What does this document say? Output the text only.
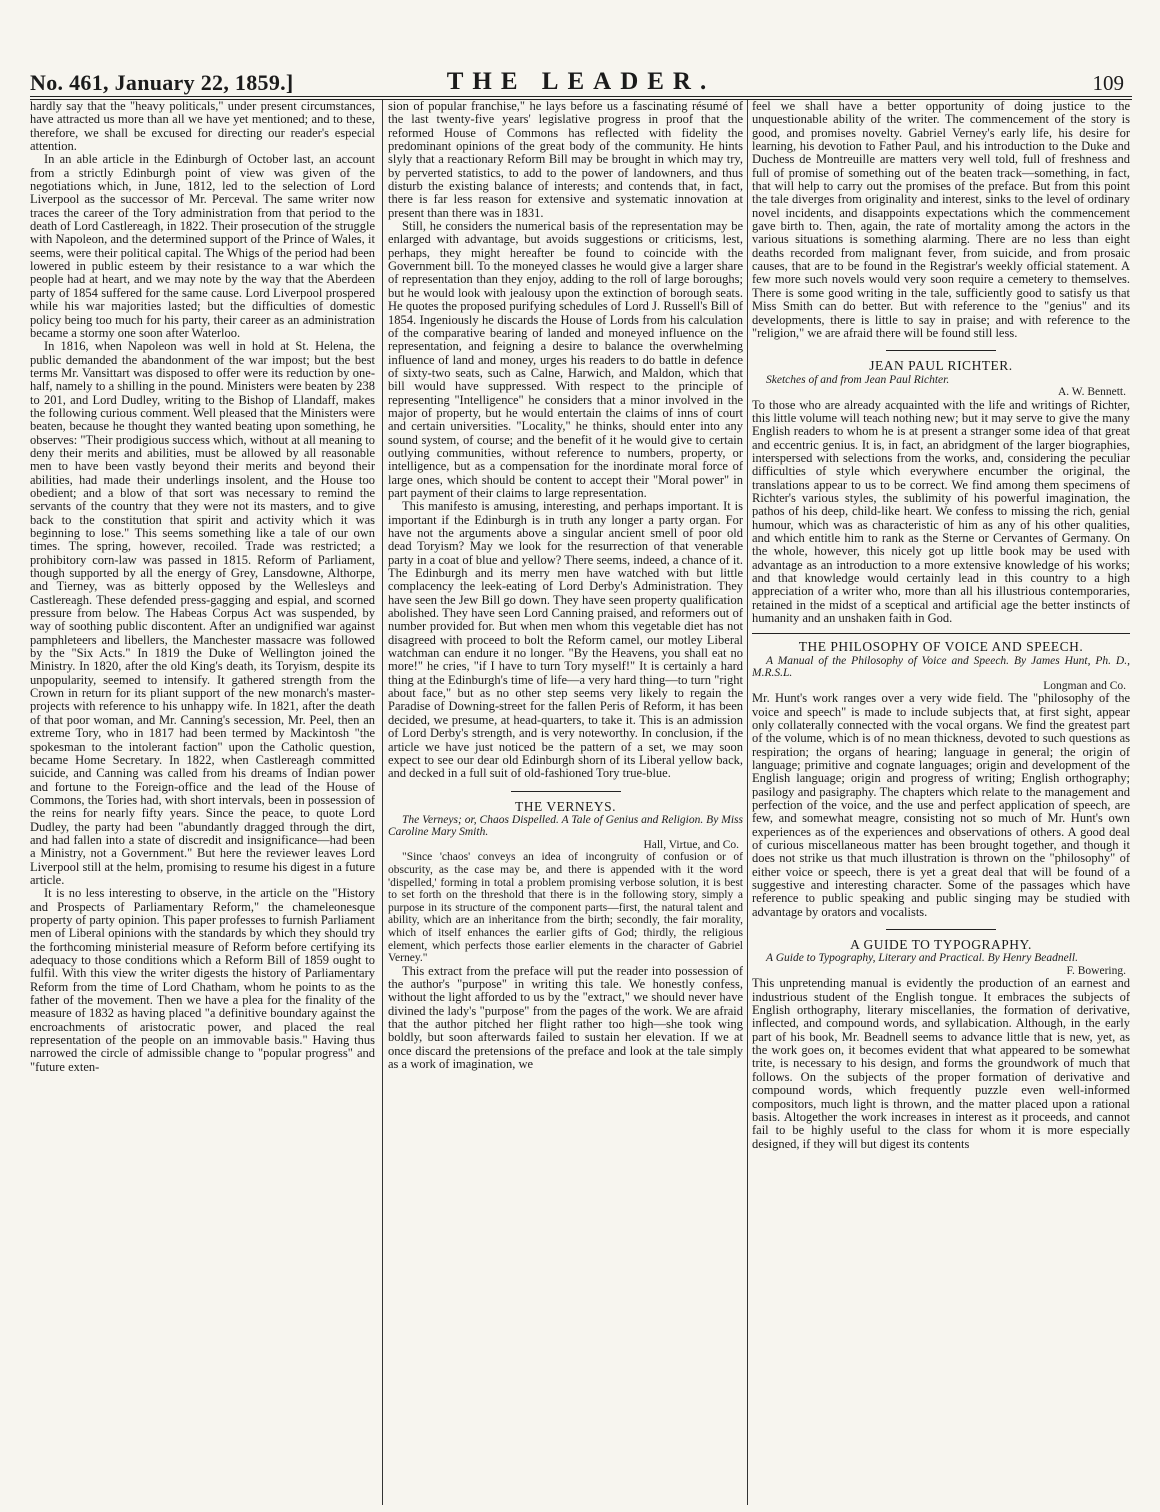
No. 461, January 22, 1859.]	THE LEADER.	109

hardly say that the "heavy politicals," under present circumstances, have attracted us more than all we have yet mentioned; and to these, therefore, we shall be excused for directing our reader's especial attention.

In an able article in the Edinburgh of October last, an account from a strictly Edinburgh point of view was given of the negotiations which, in June, 1812, led to the selection of Lord Liverpool as the successor of Mr. Perceval. The same writer now traces the career of the Tory administration from that period to the death of Lord Castlereagh, in 1822. Their prosecution of the struggle with Napoleon, and the determined support of the Prince of Wales, it seems, were their political capital. The Whigs of the period had been lowered in public esteem by their resistance to a war which the people had at heart, and we may note by the way that the Aberdeen party of 1854 suffered for the same cause. Lord Liverpool prospered while his war majorities lasted; but the difficulties of domestic policy being too much for his party, their career as an administration became a stormy one soon after Waterloo.

In 1816, when Napoleon was well in hold at St. Helena, the public demanded the abandonment of the war impost; but the best terms Mr. Vansittart was disposed to offer were its reduction by one-half, namely to a shilling in the pound. Ministers were beaten by 238 to 201, and Lord Dudley, writing to the Bishop of Llandaff, makes the following curious comment. Well pleased that the Ministers were beaten, because he thought they wanted beating upon something, he observes: "Their prodigious success which, without at all meaning to deny their merits and abilities, must be allowed by all reasonable men to have been vastly beyond their merits and beyond their abilities, had made their underlings insolent, and the House too obedient; and a blow of that sort was necessary to remind the servants of the country that they were not its masters, and to give back to the constitution that spirit and activity which it was beginning to lose." This seems something like a tale of our own times. The spring, however, recoiled. Trade was restricted; a prohibitory corn-law was passed in 1815. Reform of Parliament, though supported by all the energy of Grey, Lansdowne, Althorpe, and Tierney, was as bitterly opposed by the Wellesleys and Castlereagh. These defended press-gagging and espial, and scorned pressure from below. The Habeas Corpus Act was suspended, by way of soothing public discontent. After an undignified war against pamphleteers and libellers, the Manchester massacre was followed by the "Six Acts." In 1819 the Duke of Wellington joined the Ministry. In 1820, after the old King's death, its Toryism, despite its unpopularity, seemed to intensify. It gathered strength from the Crown in return for its pliant support of the new monarch's master-projects with reference to his unhappy wife. In 1821, after the death of that poor woman, and Mr. Canning's secession, Mr. Peel, then an extreme Tory, who in 1817 had been termed by Mackintosh "the spokesman to the intolerant faction" upon the Catholic question, became Home Secretary. In 1822, when Castlereagh committed suicide, and Canning was called from his dreams of Indian power and fortune to the Foreign-office and the lead of the House of Commons, the Tories had, with short intervals, been in possession of the reins for nearly fifty years. Since the peace, to quote Lord Dudley, the party had been "abundantly dragged through the dirt, and had fallen into a state of discredit and insignificance—had been a Ministry, not a Government." But here the reviewer leaves Lord Liverpool still at the helm, promising to resume his digest in a future article.

It is no less interesting to observe, in the article on the "History and Prospects of Parliamentary Reform," the chameleonesque property of party opinion. This paper professes to furnish Parliament men of Liberal opinions with the standards by which they should try the forthcoming ministerial measure of Reform before certifying its adequacy to those conditions which a Reform Bill of 1859 ought to fulfil. With this view the writer digests the history of Parliamentary Reform from the time of Lord Chatham, whom he points to as the father of the movement. Then we have a plea for the finality of the measure of 1832 as having placed "a definitive boundary against the encroachments of aristocratic power, and placed the real representation of the people on an immovable basis." Having thus narrowed the circle of admissible change to "popular progress" and "future exten-

sion of popular franchise," he lays before us a fascinating résumé of the last twenty-five years' legislative progress in proof that the reformed House of Commons has reflected with fidelity the predominant opinions of the great body of the community. He hints slyly that a reactionary Reform Bill may be brought in which may try, by perverted statistics, to add to the power of landowners, and thus disturb the existing balance of interests; and contends that, in fact, there is far less reason for extensive and systematic innovation at present than there was in 1831.

Still, he considers the numerical basis of the representation may be enlarged with advantage, but avoids suggestions or criticisms, lest, perhaps, they might hereafter be found to coincide with the Government bill. To the moneyed classes he would give a larger share of representation than they enjoy, adding to the roll of large boroughs; but he would look with jealousy upon the extinction of borough seats. He quotes the proposed purifying schedules of Lord J. Russell's Bill of 1854. Ingeniously he discards the House of Lords from his calculation of the comparative bearing of landed and moneyed influence on the representation, and feigning a desire to balance the overwhelming influence of land and money, urges his readers to do battle in defence of sixty-two seats, such as Calne, Harwich, and Maldon, which that bill would have suppressed. With respect to the principle of representing "Intelligence" he considers that a minor involved in the major of property, but he would entertain the claims of inns of court and certain universities. "Locality," he thinks, should enter into any sound system, of course; and the benefit of it he would give to certain outlying communities, without reference to numbers, property, or intelligence, but as a compensation for the inordinate moral force of large ones, which should be content to accept their "Moral power" in part payment of their claims to large representation.

This manifesto is amusing, interesting, and perhaps important. It is important if the Edinburgh is in truth any longer a party organ. For have not the arguments above a singular ancient smell of poor old dead Toryism? May we look for the resurrection of that venerable party in a coat of blue and yellow? There seems, indeed, a chance of it. The Edinburgh and its merry men have watched with but little complacency the leek-eating of Lord Derby's Administration. They have seen the Jew Bill go down. They have seen property qualification abolished. They have seen Lord Canning praised, and reformers out of number provided for. But when men whom this vegetable diet has not disagreed with proceed to bolt the Reform camel, our motley Liberal watchman can endure it no longer. "By the Heavens, you shall eat no more!" he cries, "if I have to turn Tory myself!" It is certainly a hard thing at the Edinburgh's time of life—a very hard thing—to turn "right about face," but as no other step seems very likely to regain the Paradise of Downing-street for the fallen Peris of Reform, it has been decided, we presume, at head-quarters, to take it. This is an admission of Lord Derby's strength, and is very noteworthy. In conclusion, if the article we have just noticed be the pattern of a set, we may soon expect to see our dear old Edinburgh shorn of its Liberal yellow back, and decked in a full suit of old-fashioned Tory true-blue.

THE VERNEYS.

The Verneys; or, Chaos Dispelled. A Tale of Genius and Religion. By Miss Caroline Mary Smith.

Hall, Virtue, and Co.

"Since 'chaos' conveys an idea of incongruity of confusion or of obscurity, as the case may be, and there is appended with it the word 'dispelled,' forming in total a problem promising verbose solution, it is best to set forth on the threshold that there is in the following story, simply a purpose in its structure of the component parts—first, the natural talent and ability, which are an inheritance from the birth; secondly, the fair morality, which of itself enhances the earlier gifts of God; thirdly, the religious element, which perfects those earlier elements in the character of Gabriel Verney."

This extract from the preface will put the reader into possession of the author's "purpose" in writing this tale. We honestly confess, without the light afforded to us by the "extract," we should never have divined the lady's "purpose" from the pages of the work. We are afraid that the author pitched her flight rather too high—she took wing boldly, but soon afterwards failed to sustain her elevation. If we at once discard the pretensions of the preface and look at the tale simply as a work of imagination, we

feel we shall have a better opportunity of doing justice to the unquestionable ability of the writer. The commencement of the story is good, and promises novelty. Gabriel Verney's early life, his desire for learning, his devotion to Father Paul, and his introduction to the Duke and Duchess de Montreuille are matters very well told, full of freshness and full of promise of something out of the beaten track—something, in fact, that will help to carry out the promises of the preface. But from this point the tale diverges from originality and interest, sinks to the level of ordinary novel incidents, and disappoints expectations which the commencement gave birth to. Then, again, the rate of mortality among the actors in the various situations is something alarming. There are no less than eight deaths recorded from malignant fever, from suicide, and from prosaic causes, that are to be found in the Registrar's weekly official statement. A few more such novels would very soon require a cemetery to themselves. There is some good writing in the tale, sufficiently good to satisfy us that Miss Smith can do better. But with reference to the "genius" and its developments, there is little to say in praise; and with reference to the "religion," we are afraid there will be found still less.

JEAN PAUL RICHTER.

Sketches of and from Jean Paul Richter.

A. W. Bennett.

To those who are already acquainted with the life and writings of Richter, this little volume will teach nothing new; but it may serve to give the many English readers to whom he is at present a stranger some idea of that great and eccentric genius. It is, in fact, an abridgment of the larger biographies, interspersed with selections from the works, and, considering the peculiar difficulties of style which everywhere encumber the original, the translations appear to us to be correct. We find among them specimens of Richter's various styles, the sublimity of his powerful imagination, the pathos of his deep, child-like heart. We confess to missing the rich, genial humour, which was as characteristic of him as any of his other qualities, and which entitle him to rank as the Sterne or Cervantes of Germany. On the whole, however, this nicely got up little book may be used with advantage as an introduction to a more extensive knowledge of his works; and that knowledge would certainly lead in this country to a high appreciation of a writer who, more than all his illustrious contemporaries, retained in the midst of a sceptical and artificial age the better instincts of humanity and an unshaken faith in God.

THE PHILOSOPHY OF VOICE AND SPEECH.

A Manual of the Philosophy of Voice and Speech. By James Hunt, Ph. D., M.R.S.L.

Longman and Co.

Mr. Hunt's work ranges over a very wide field. The "philosophy of the voice and speech" is made to include subjects that, at first sight, appear only collaterally connected with the vocal organs. We find the greatest part of the volume, which is of no mean thickness, devoted to such questions as respiration; the organs of hearing; language in general; the origin of language; primitive and cognate languages; origin and development of the English language; origin and progress of writing; English orthography; pasilogy and pasigraphy. The chapters which relate to the management and perfection of the voice, and the use and perfect application of speech, are few, and somewhat meagre, consisting not so much of Mr. Hunt's own experiences as of the experiences and observations of others. A good deal of curious miscellaneous matter has been brought together, and though it does not strike us that much illustration is thrown on the "philosophy" of either voice or speech, there is yet a great deal that will be found of a suggestive and interesting character. Some of the passages which have reference to public speaking and public singing may be studied with advantage by orators and vocalists.

A GUIDE TO TYPOGRAPHY.

A Guide to Typography, Literary and Practical. By Henry Beadnell.

F. Bowering.

This unpretending manual is evidently the production of an earnest and industrious student of the English tongue. It embraces the subjects of English orthography, literary miscellanies, the formation of derivative, inflected, and compound words, and syllabication. Although, in the early part of his book, Mr. Beadnell seems to advance little that is new, yet, as the work goes on, it becomes evident that what appeared to be somewhat trite, is necessary to his design, and forms the groundwork of much that follows. On the subjects of the proper formation of derivative and compound words, which frequently puzzle even well-informed compositors, much light is thrown, and the matter placed upon a rational basis. Altogether the work increases in interest as it proceeds, and cannot fail to be highly useful to the class for whom it is more especially designed, if they will but digest its contents
